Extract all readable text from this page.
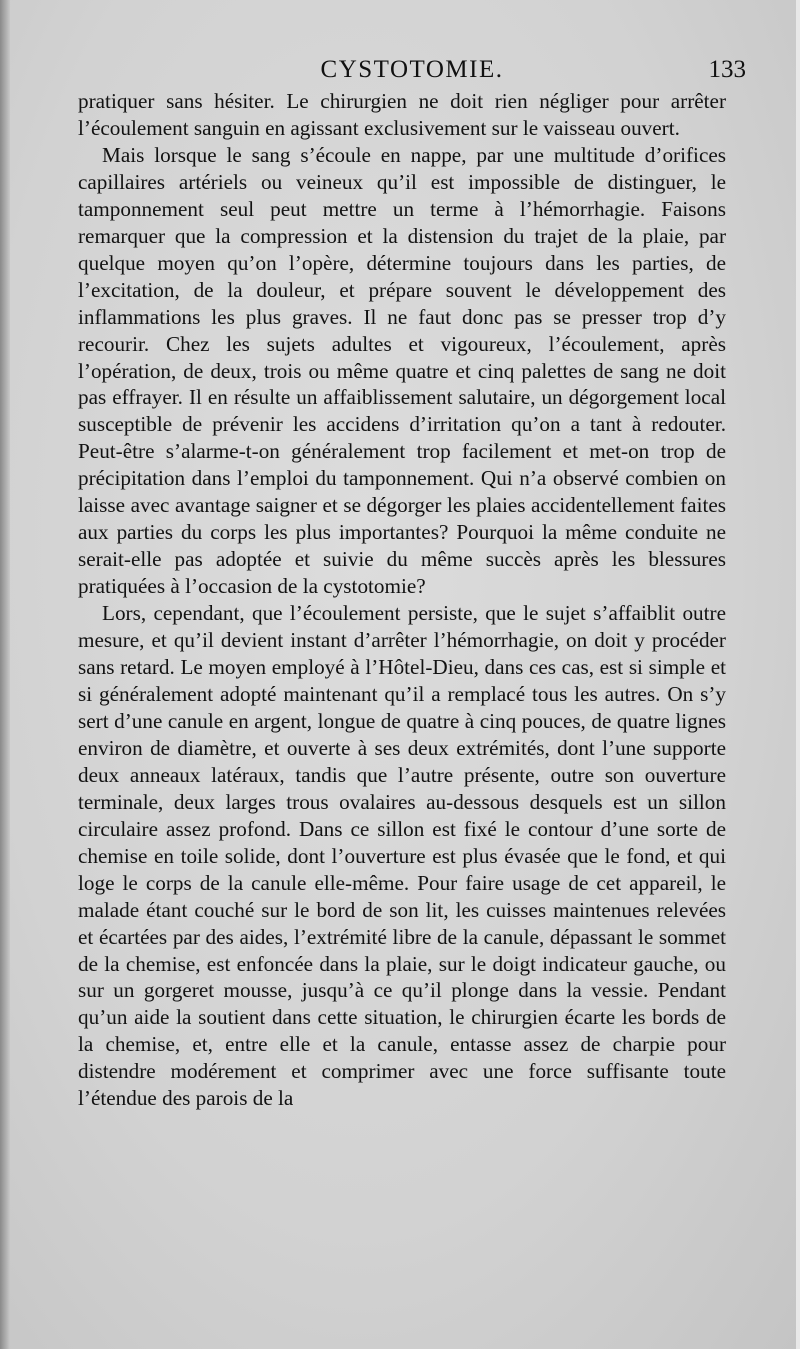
CYSTOTOMIE.	133

pratiquer sans hésiter. Le chirurgien ne doit rien négliger pour arrêter l’écoulement sanguin en agissant exclusivement sur le vaisseau ouvert.

Mais lorsque le sang s’écoule en nappe, par une multitude d’orifices capillaires artériels ou veineux qu’il est impossible de distinguer, le tamponnement seul peut mettre un terme à l’hémorrhagie. Faisons remarquer que la compression et la distension du trajet de la plaie, par quelque moyen qu’on l’opère, détermine toujours dans les parties, de l’excitation, de la douleur, et prépare souvent le développement des inflammations les plus graves. Il ne faut donc pas se presser trop d’y recourir. Chez les sujets adultes et vigoureux, l’écoulement, après l’opération, de deux, trois ou même quatre et cinq palettes de sang ne doit pas effrayer. Il en résulte un affaiblissement salutaire, un dégorgement local susceptible de prévenir les accidens d’irritation qu’on a tant à redouter. Peut-être s’alarme-t-on généralement trop facilement et met-on trop de précipitation dans l’emploi du tamponnement. Qui n’a observé combien on laisse avec avantage saigner et se dégorger les plaies accidentellement faites aux parties du corps les plus importantes? Pourquoi la même conduite ne serait-elle pas adoptée et suivie du même succès après les blessures pratiquées à l’occasion de la cystotomie?

Lors, cependant, que l’écoulement persiste, que le sujet s’affaiblit outre mesure, et qu’il devient instant d’arrêter l’hémorrhagie, on doit y procéder sans retard. Le moyen employé à l’Hôtel-Dieu, dans ces cas, est si simple et si généralement adopté maintenant qu’il a remplacé tous les autres. On s’y sert d’une canule en argent, longue de quatre à cinq pouces, de quatre lignes environ de diamètre, et ouverte à ses deux extrémités, dont l’une supporte deux anneaux latéraux, tandis que l’autre présente, outre son ouverture terminale, deux larges trous ovalaires au-dessous desquels est un sillon circulaire assez profond. Dans ce sillon est fixé le contour d’une sorte de chemise en toile solide, dont l’ouverture est plus évasée que le fond, et qui loge le corps de la canule elle-même. Pour faire usage de cet appareil, le malade étant couché sur le bord de son lit, les cuisses maintenues relevées et écartées par des aides, l’extrémité libre de la canule, dépassant le sommet de la chemise, est enfoncée dans la plaie, sur le doigt indicateur gauche, ou sur un gorgeret mousse, jusqu’à ce qu’il plonge dans la vessie. Pendant qu’un aide la soutient dans cette situation, le chirurgien écarte les bords de la chemise, et, entre elle et la canule, entasse assez de charpie pour distendre modérement et comprimer avec une force suffisante toute l’étendue des parois de la
